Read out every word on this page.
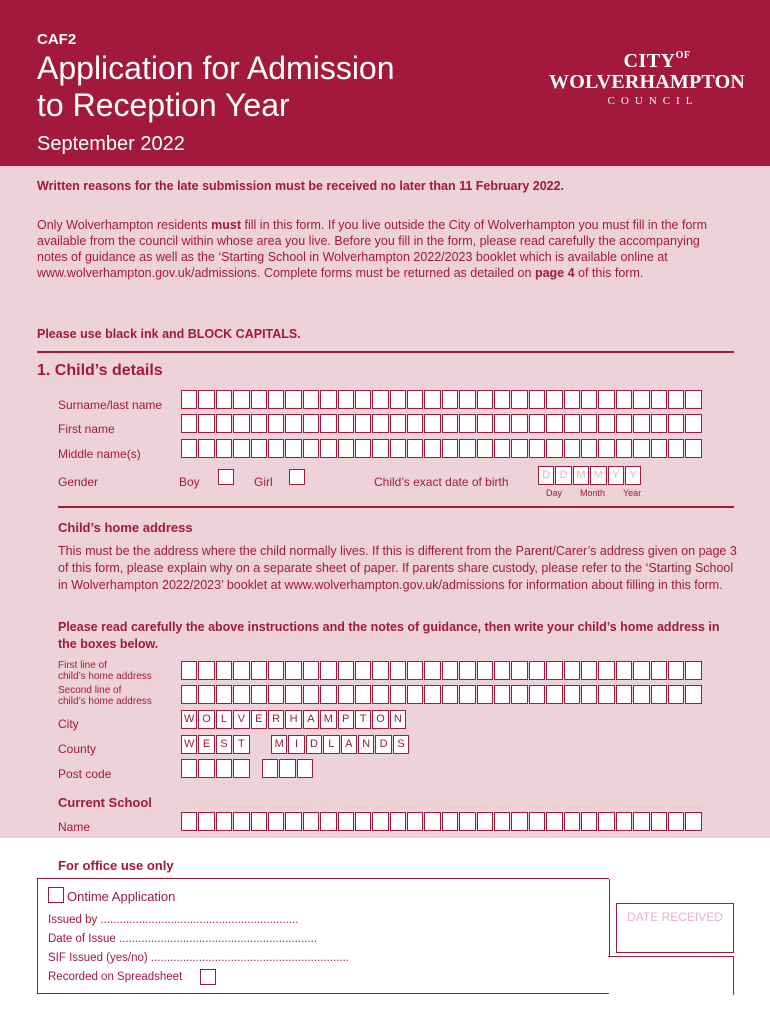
CAF2
Application for Admission
to Reception Year
September 2022
$CITY^{OF}$
WOLVERHAMPTON
COUNCIL
Written reasons for the late submission must be received no later than 11 February 2022.
Only Wolverhampton residents must fill in this form. If you live outside the City of Wolverhampton you must fill in the form available from the council within whose area you live. Before you fill in the form, please read carefully the accompanying notes of guidance as well as the ‘Starting School in Wolverhampton 2022/2023 booklet which is available online at www.wolverhampton.gov.uk/admissions. Complete forms must be returned as detailed on page 4 of this form.
Please use black ink and BLOCK CAPITALS.
1. Child’s details
Surname/last name
First name
Middle name(s)
Gender	Boy	Girl	Child’s exact date of birth	D D M M Y Y
Day Month Year
Child’s home address
This must be the address where the child normally lives. If this is different from the Parent/Carer’s address given on page 3 of this form, please explain why on a separate sheet of paper. If parents share custody, please refer to the ‘Starting School in Wolverhampton 2022/2023’ booklet at www.wolverhampton.gov.uk/admissions for information about filling in this form.
Please read carefully the above instructions and the notes of guidance, then write your child’s home address in the boxes below.
First line of
child’s home address
Second line of
child’s home address
City	W O L V E R H A M P T O N
County	W E S T	M	I	D L A N D S
Post code
Current School
Name
For office use only
Ontime Application
Issued by ..............................................................
Date of Issue ..............................................................
SIF Issued (yes/no) ..............................................................
Recorded on Spreadsheet
DATE RECEIVED
